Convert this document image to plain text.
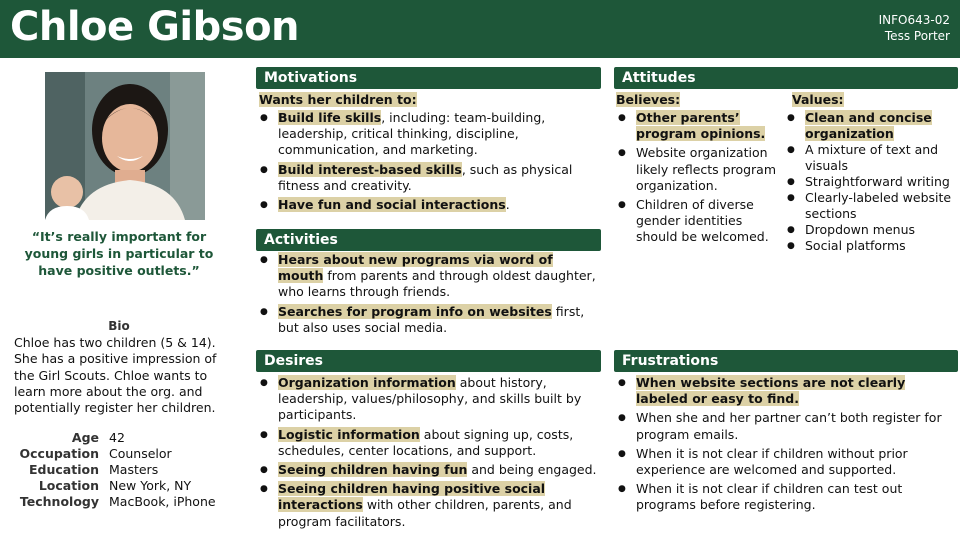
Chloe Gibson	INFO643-02
Tess Porter
“It’s really important for young girls in particular to have positive outlets.”
Bio
Chloe has two children (5 & 14). She has a positive impression of the Girl Scouts. Chloe wants to learn more about the org. and potentially register her children.
Age 42
Occupation Counselor
Education Masters
Location New York, NY
Technology MacBook, iPhone
Motivations
Wants her children to:
● Build life skills, including: team-building, leadership, critical thinking, discipline, communication, and marketing.
● Build interest-based skills, such as physical fitness and creativity.
● Have fun and social interactions.
Activities
● Hears about new programs via word of mouth from parents and through oldest daughter, who learns through friends.
● Searches for program info on websites first, but also uses social media.
Desires
● Organization information about history, leadership, values/philosophy, and skills built by participants.
● Logistic information about signing up, costs, schedules, center locations, and support.
● Seeing children having fun and being engaged.
● Seeing children having positive social interactions with other children, parents, and program facilitators.
Attitudes
Believes:
● Other parents’ program opinions.
● Website organization likely reflects program organization.
● Children of diverse gender identities should be welcomed.
Values:
● Clean and concise organization
● A mixture of text and visuals
● Straightforward writing
● Clearly-labeled website sections
● Dropdown menus
● Social platforms
Frustrations
● When website sections are not clearly labeled or easy to find.
● When she and her partner can’t both register for program emails.
● When it is not clear if children without prior experience are welcomed and supported.
● When it is not clear if children can test out programs before registering.
